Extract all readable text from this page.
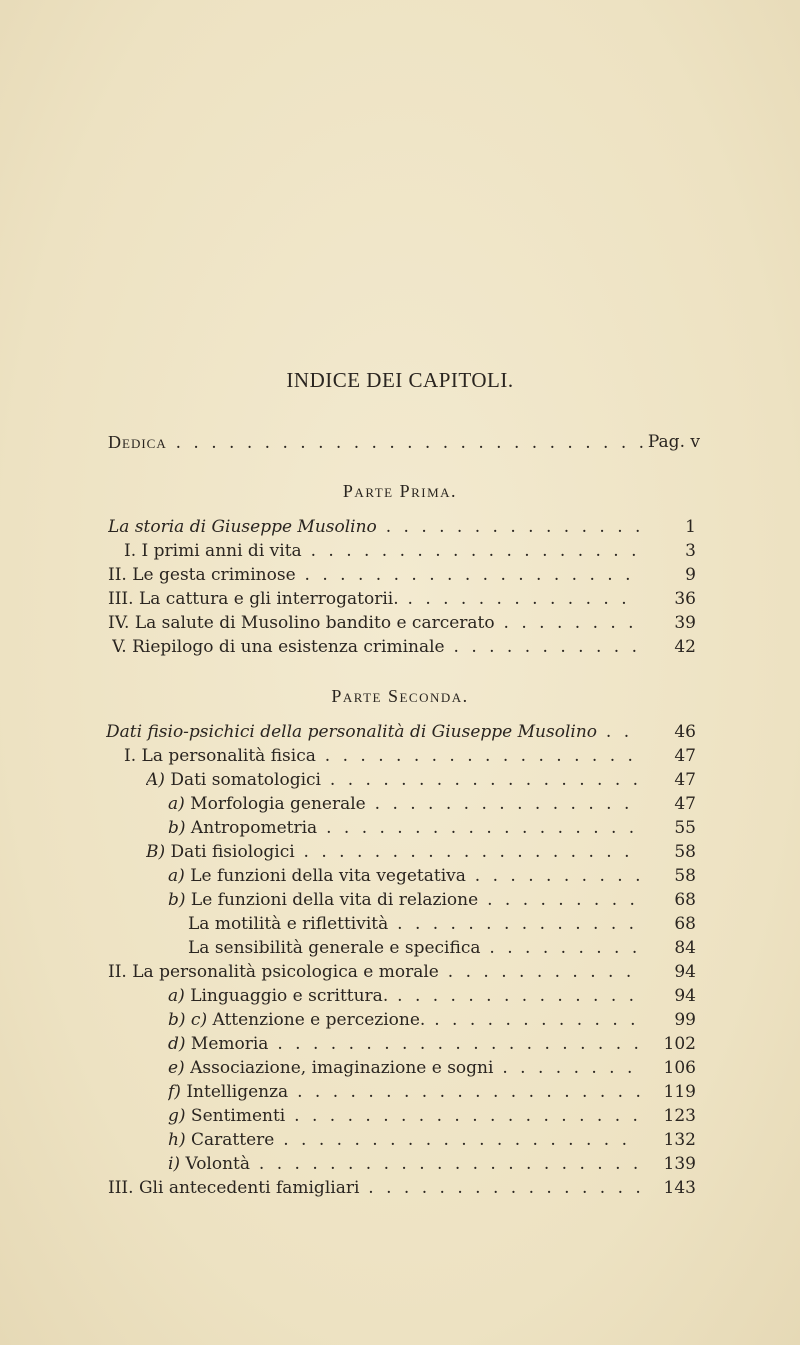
INDICE DEI CAPITOLI.
Dedica . . .	Pag. v
Parte Prima.
La storia di Giuseppe Musolino . . .	1
I. I primi anni di vita . . .	3
II. Le gesta criminose . . .	9
III. La cattura e gli interrogatorii. . . .	36
IV. La salute di Musolino bandito e carcerato . . .	39
V. Riepilogo di una esistenza criminale . . .	42
Parte Seconda.
Dati fisio-psichici della personalità di Giuseppe Musolino . . .	46
I. La personalità fisica . . .	47
A) Dati somatologici . . .	47
a) Morfologia generale . . .	47
b) Antropometria . . .	55
B) Dati fisiologici . . .	58
a) Le funzioni della vita vegetativa . . .	58
b) Le funzioni della vita di relazione . . .	68
La motilità e riflettività . . .	68
La sensibilità generale e specifica . . .	84
II. La personalità psicologica e morale . . .	94
a) Linguaggio e scrittura. . . .	94
b) c) Attenzione e percezione. . . .	99
d) Memoria . . .	102
e) Associazione, imaginazione e sogni . . .	106
f) Intelligenza . . .	119
g) Sentimenti . . .	123
h) Carattere . . .	132
i) Volontà . . .	139
III. Gli antecedenti famigliari . . .	143
